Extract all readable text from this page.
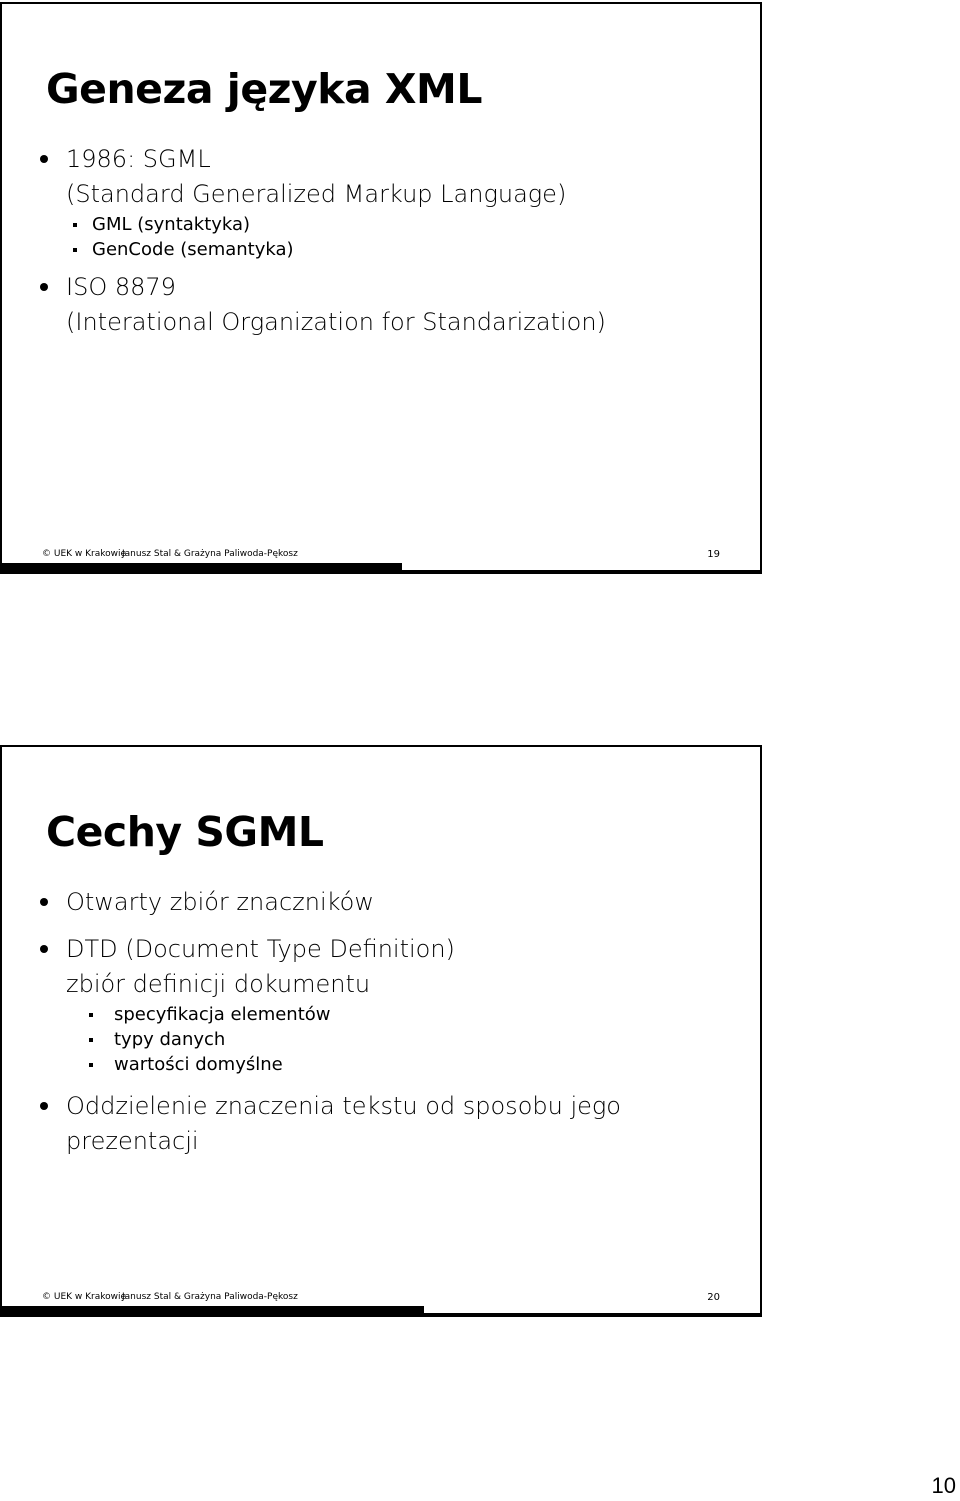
Geneza języka XML
1986: SGML
(Standard Generalized Markup Language)
GML (syntaktyka)
GenCode (semantyka)
ISO 8879
(Interational Organization for Standarization)
© UEK w Krakowie
Janusz Stal & Grażyna Paliwoda-Pękosz	19
Cechy SGML
Otwarty zbiór znaczników
DTD (Document Type Definition)
zbiór definicji dokumentu
specyfikacja elementów
typy danych
wartości domyślne
Oddzielenie znaczenia tekstu od sposobu jego
prezentacji
© UEK w Krakowie
Janusz Stal & Grażyna Paliwoda-Pękosz	20
10
